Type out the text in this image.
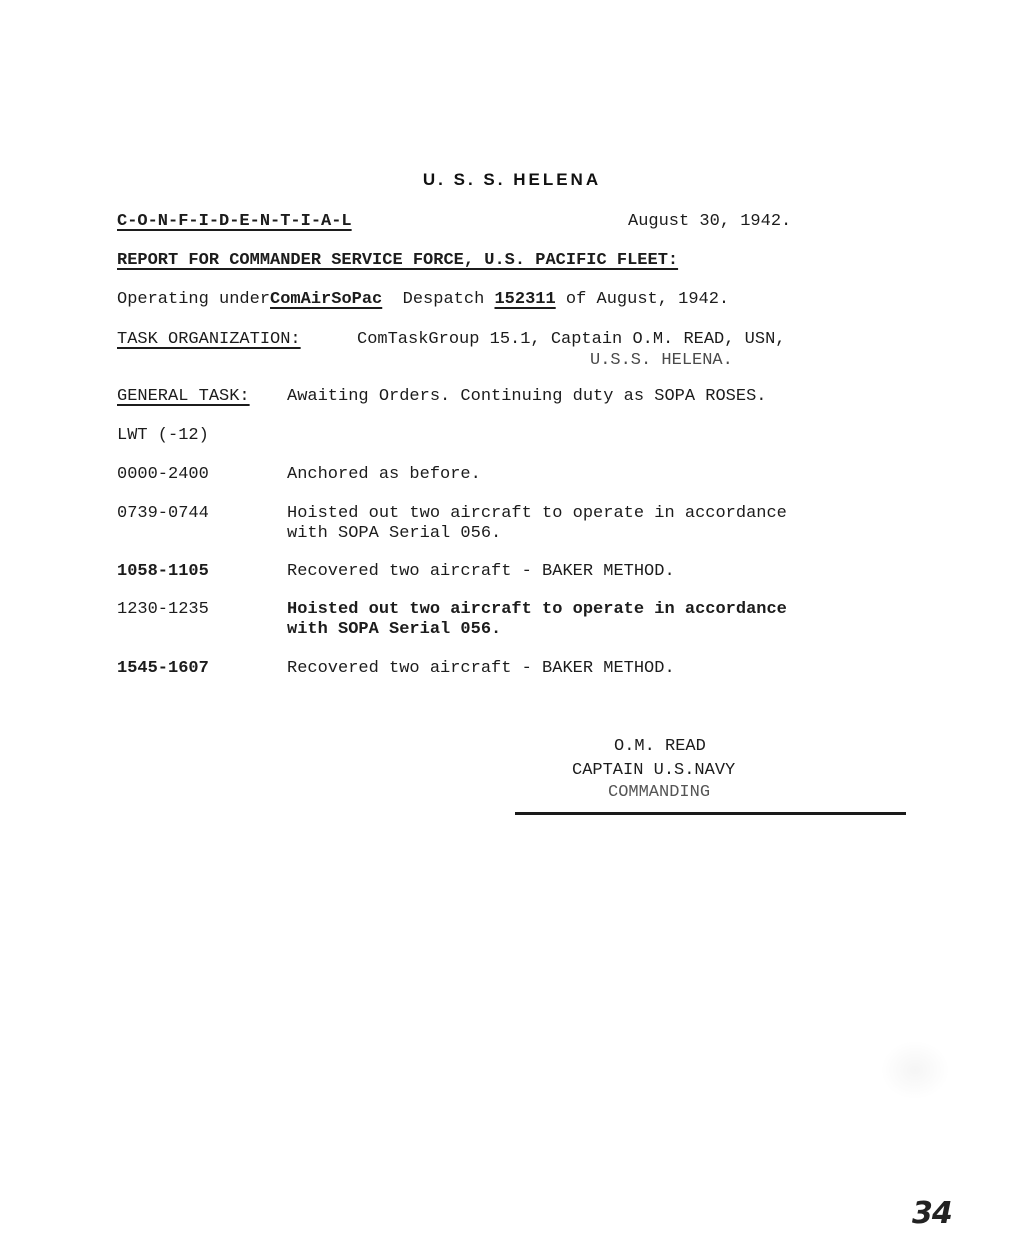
U. S. S. HELENA
C-O-N-F-I-D-E-N-T-I-A-L	August 30, 1942.
REPORT FOR COMMANDER SERVICE FORCE, U.S. PACIFIC FLEET:
Operating underComAirSoPac Despatch 152311 of August, 1942.
TASK ORGANIZATION:	ComTaskGroup 15.1, Captain O.M. READ, USN,
U.S.S. HELENA.
GENERAL TASK: Awaiting Orders. Continuing duty as SOPA ROSES.
LWT (-12)
0000-2400	Anchored as before.
0739-0744	Hoisted out two aircraft to operate in accordance
with SOPA Serial 056.
1058-1105	Recovered two aircraft - BAKER METHOD.
1230-1235	Hoisted out two aircraft to operate in accordance
with SOPA Serial 056.
1545-1607	Recovered two aircraft - BAKER METHOD.
O.M. READ
CAPTAIN U.S.NAVY
COMMANDING
34
